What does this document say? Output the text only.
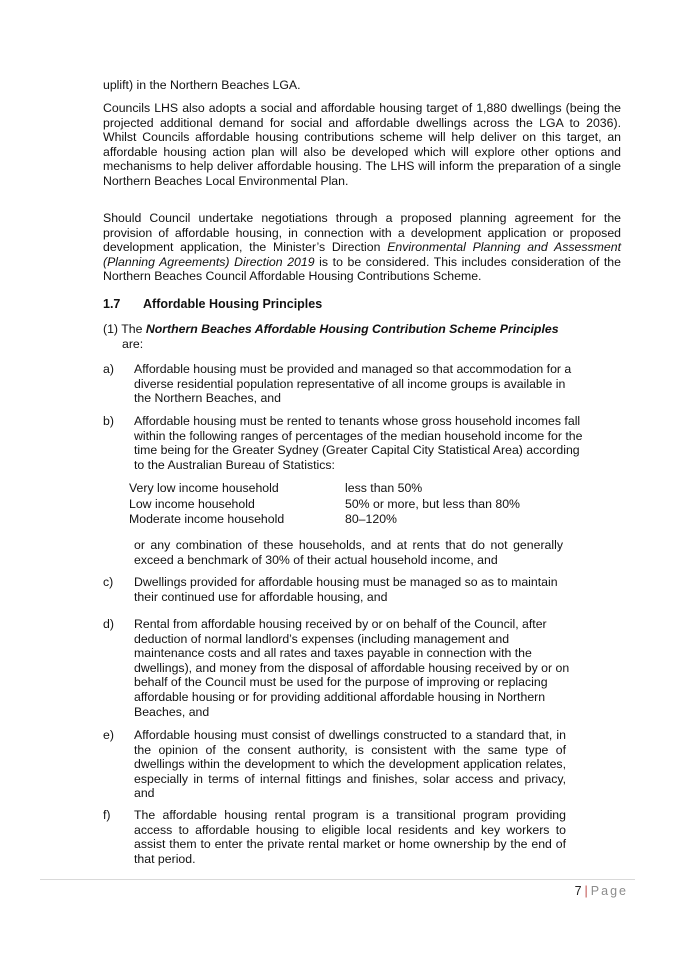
uplift) in the Northern Beaches LGA.

Councils LHS also adopts a social and affordable housing target of 1,880 dwellings (being the projected additional demand for social and affordable dwellings across the LGA to 2036). Whilst Councils affordable housing contributions scheme will help deliver on this target, an affordable housing action plan will also be developed which will explore other options and mechanisms to help deliver affordable housing. The LHS will inform the preparation of a single Northern Beaches Local Environmental Plan.

Should Council undertake negotiations through a proposed planning agreement for the provision of affordable housing, in connection with a development application or proposed development application, the Minister’s Direction Environmental Planning and Assessment (Planning Agreements) Direction 2019 is to be considered. This includes consideration of the Northern Beaches Council Affordable Housing Contributions Scheme.

1.7 Affordable Housing Principles
(1) The Northern Beaches Affordable Housing Contribution Scheme Principles
are:
a) Affordable housing must be provided and managed so that accommodation for a diverse residential population representative of all income groups is available in the Northern Beaches, and
b) Affordable housing must be rented to tenants whose gross household incomes fall within the following ranges of percentages of the median household income for the time being for the Greater Sydney (Greater Capital City Statistical Area) according to the Australian Bureau of Statistics:
Very low income household	less than 50%
Low income household	50% or more, but less than 80%
Moderate income household	80–120%

or any combination of these households, and at rents that do not generally exceed a benchmark of 30% of their actual household income, and

c) Dwellings provided for affordable housing must be managed so as to maintain their continued use for affordable housing, and
d) Rental from affordable housing received by or on behalf of the Council, after deduction of normal landlord’s expenses (including management and maintenance costs and all rates and taxes payable in connection with the dwellings), and money from the disposal of affordable housing received by or on behalf of the Council must be used for the purpose of improving or replacing affordable housing or for providing additional affordable housing in Northern Beaches, and
e) Affordable housing must consist of dwellings constructed to a standard that, in the opinion of the consent authority, is consistent with the same type of dwellings within the development to which the development application relates, especially in terms of internal fittings and finishes, solar access and privacy, and
f) The affordable housing rental program is a transitional program providing access to affordable housing to eligible local residents and key workers to assist them to enter the private rental market or home ownership by the end of that period.
7 | Page
